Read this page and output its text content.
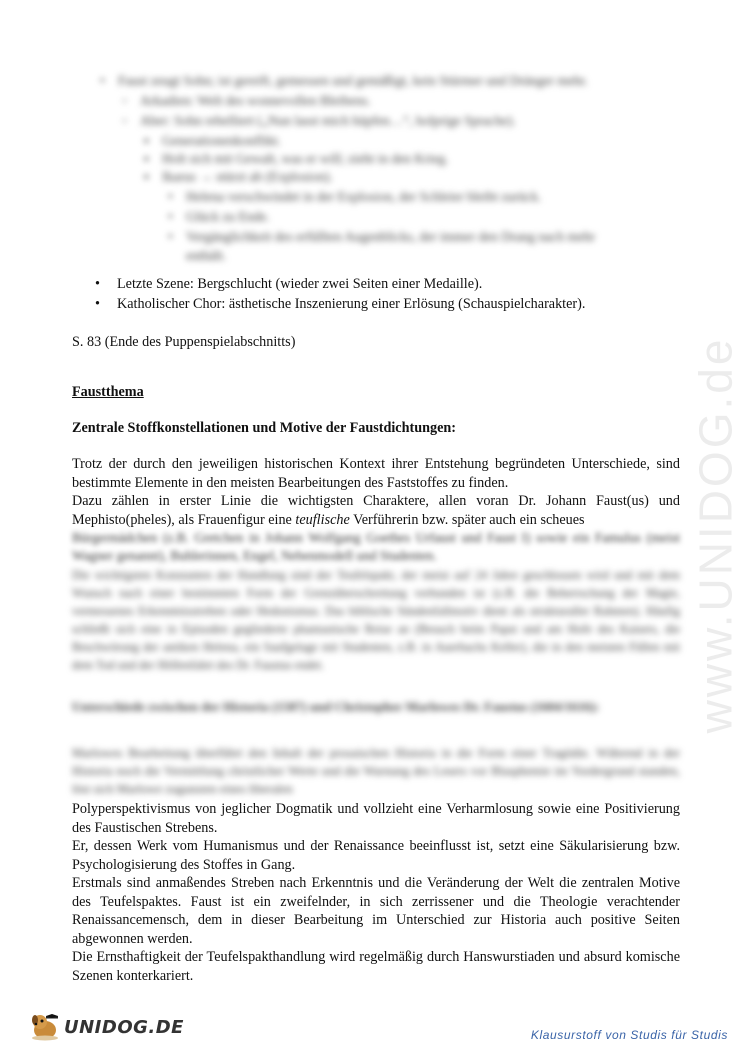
www.UNIDOG.de
• Faust zeugt Sohn; ist gereift, gemessen und gemäßigt, kein Stürmer und Dränger mehr.
◦ Arkadien: Welt des wonnevollen Bleibens.
◦ Aber: Sohn rebelliert („Nun lasst mich hüpfen…“, holprige Sprache).
▪ Generationenkonflikt.
▪ Holt sich mit Gewalt, was er will; zieht in den Krieg.
▪ Ikarus → stürzt ab (Explosion).
• Helena verschwindet in der Explosion, der Schleier bleibt zurück.
• Glück zu Ende.
• Vergänglichkeit des erfüllten Augenblicks, der immer den Drang nach mehr enthält.
• Letzte Szene: Bergschlucht (wieder zwei Seiten einer Medaille).
• Katholischer Chor: ästhetische Inszenierung einer Erlösung (Schauspielcharakter).
S. 83 (Ende des Puppenspielabschnitts)
Faustthema
Zentrale Stoffkonstellationen und Motive der Faustdichtungen:
Trotz der durch den jeweiligen historischen Kontext ihrer Entstehung begründeten Unterschiede, sind bestimmte Elemente in den meisten Bearbeitungen des Faststoffes zu finden.
Dazu zählen in erster Linie die wichtigsten Charaktere, allen voran Dr. Johann Faust(us) und Mephisto(pheles), als Frauenfigur eine teuflische Verführerin bzw. später auch ein scheues
Bürgermädchen (z.B. Gretchen in Johann Wolfgang Goethes Urfaust und Faust I) sowie ein Famulus (meist Wagner genannt), Buhlerinnen, Engel, Nebenmodell und Studenten.
Die wichtigsten Konstanten der Handlung sind der Teufelspakt, der meist auf 24 Jahre geschlossen wird und mit dem Wunsch nach einer bestimmten Form der Grenzüberschreitung verbunden ist (z.B. die Beherrschung der Magie, vermessenes Erkenntnisstreben oder Hedonismus. Das biblische Sündenfallmotiv dient als strukturaller Rahmen). Häufig schließt sich eine in Episoden gegliederte phantastische Reise an (Besuch beim Papst und am Hofe des Kaisers, die Beschwörung der antiken Helena, ein Saufgelage mit Studenten, z.B. in Auerbachs Keller), die in den meisten Fällen mit dem Tod und der Höllenfahrt des Dr. Faustus endet.
Unterschiede zwischen der Historia (1587) und Christopher Marlowes Dr. Faustus (1604/1616):
Marlowes Bearbeitung überführt den Inhalt der prosaischen Historia in die Form einer Tragödie. Während in der Historia noch die Vermittlung christlicher Werte und die Warnung des Lesers vor Blasphemie im Vordergrund standen, löst sich Marlowe zugunsten eines liberalen
Polyperspektivismus von jeglicher Dogmatik und vollzieht eine Verharmlosung sowie eine Positivierung des Faustischen Strebens.
Er, dessen Werk vom Humanismus und der Renaissance beeinflusst ist, setzt eine Säkularisierung bzw. Psychologisierung des Stoffes in Gang.
Erstmals sind anmaßendes Streben nach Erkenntnis und die Veränderung der Welt die zentralen Motive des Teufelspaktes. Faust ist ein zweifelnder, in sich zerrissener und die Theologie verachtender Renaissancemensch, dem in dieser Bearbeitung im Unterschied zur Historia auch positive Seiten abgewonnen werden.
Die Ernsthaftigkeit der Teufelspakthandlung wird regelmäßig durch Hanswurstiaden und absurd komische Szenen konterkariert.
UNIDOG.DE	Klausurstoff von Studis für Studis
